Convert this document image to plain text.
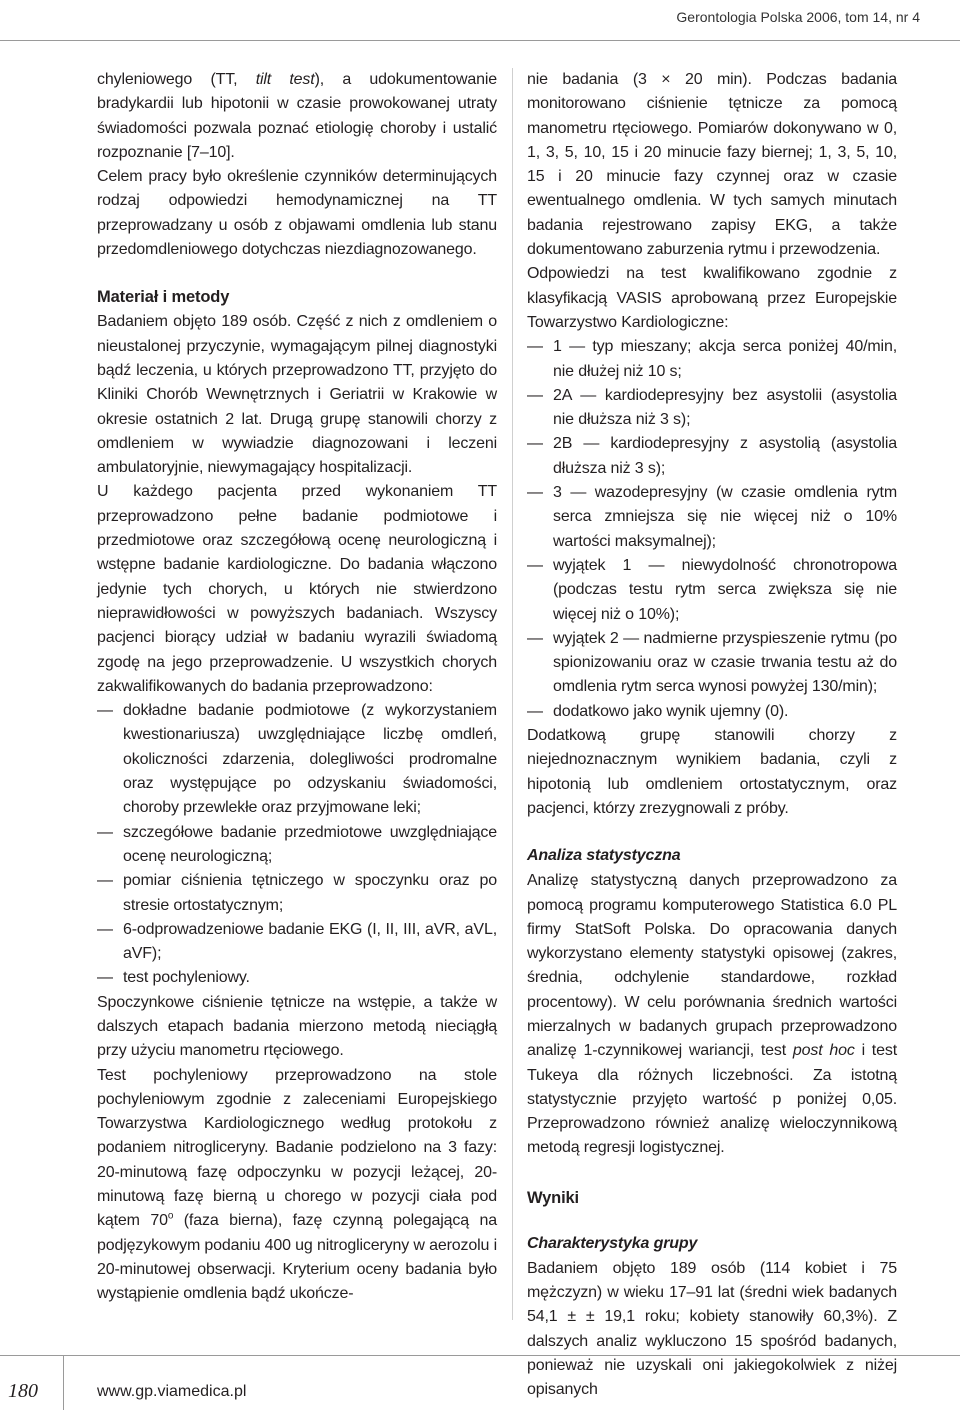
Gerontologia Polska 2006, tom 14, nr 4

chyleniowego (TT, tilt test), a udokumentowanie bradykardii lub hipotonii w czasie prowokowanej utraty świadomości pozwala poznać etiologię choroby i ustalić rozpoznanie [7–10].

Celem pracy było określenie czynników determinujących rodzaj odpowiedzi hemodynamicznej na TT przeprowadzany u osób z objawami omdlenia lub stanu przedomdleniowego dotychczas niezdiagnozowanego.

Materiał i metody

Badaniem objęto 189 osób. Część z nich z omdleniem o nieustalonej przyczynie, wymagającym pilnej diagnostyki bądź leczenia, u których przeprowadzono TT, przyjęto do Kliniki Chorób Wewnętrznych i Geriatrii w Krakowie w okresie ostatnich 2 lat. Drugą grupę stanowili chorzy z omdleniem w wywiadzie diagnozowani i leczeni ambulatoryjnie, niewymagający hospitalizacji.

U każdego pacjenta przed wykonaniem TT przeprowadzono pełne badanie podmiotowe i przedmiotowe oraz szczegółową ocenę neurologiczną i wstępne badanie kardiologiczne. Do badania włączono jedynie tych chorych, u których nie stwierdzono nieprawidłowości w powyższych badaniach. Wszyscy pacjenci biorący udział w badaniu wyrazili świadomą zgodę na jego przeprowadzenie. U wszystkich chorych zakwalifikowanych do badania przeprowadzono:

— dokładne badanie podmiotowe (z wykorzystaniem kwestionariusza) uwzględniające liczbę omdleń, okoliczności zdarzenia, dolegliwości prodromalne oraz występujące po odzyskaniu świadomości, choroby przewlekłe oraz przyjmowane leki;
— szczegółowe badanie przedmiotowe uwzględniające ocenę neurologiczną;
— pomiar ciśnienia tętniczego w spoczynku oraz po stresie ortostatycznym;
— 6-odprowadzeniowe badanie EKG (I, II, III, aVR, aVL, aVF);
— test pochyleniowy.

Spoczynkowe ciśnienie tętnicze na wstępie, a także w dalszych etapach badania mierzono metodą nieciągłą przy użyciu manometru rtęciowego.

Test pochyleniowy przeprowadzono na stole pochyleniowym zgodnie z zaleceniami Europejskiego Towarzystwa Kardiologicznego według protokołu z podaniem nitrogliceryny. Badanie podzielono na 3 fazy: 20-minutową fazę odpoczynku w pozycji leżącej, 20-minutową fazę bierną u chorego w pozycji ciała pod kątem 70$^o$ (faza bierna), fazę czynną polegającą na podjęzykowym podaniu 400 ug nitrogliceryny w aerozolu i 20-minutowej obserwacji. Kryterium oceny badania było wystąpienie omdlenia bądź ukończe-

nie badania (3 × 20 min). Podczas badania monitorowano ciśnienie tętnicze za pomocą manometru rtęciowego. Pomiarów dokonywano w 0, 1, 3, 5, 10, 15 i 20 minucie fazy biernej; 1, 3, 5, 10, 15 i 20 minucie fazy czynnej oraz w czasie ewentualnego omdlenia. W tych samych minutach badania rejestrowano zapisy EKG, a także dokumentowano zaburzenia rytmu i przewodzenia.

Odpowiedzi na test kwalifikowano zgodnie z klasyfikacją VASIS aprobowaną przez Europejskie Towarzystwo Kardiologiczne:

— 1 — typ mieszany; akcja serca poniżej 40/min, nie dłużej niż 10 s;
— 2A — kardiodepresyjny bez asystolii (asystolia nie dłuższa niż 3 s);
— 2B — kardiodepresyjny z asystolią (asystolia dłuższa niż 3 s);
— 3 — wazodepresyjny (w czasie omdlenia rytm serca zmniejsza się nie więcej niż o 10% wartości maksymalnej);
— wyjątek 1 — niewydolność chronotropowa (podczas testu rytm serca zwiększa się nie więcej niż o 10%);
— wyjątek 2 — nadmierne przyspieszenie rytmu (po spionizowaniu oraz w czasie trwania testu aż do omdlenia rytm serca wynosi powyżej 130/min);
— dodatkowo jako wynik ujemny (0).

Dodatkową grupę stanowili chorzy z niejednoznacznym wynikiem badania, czyli z hipotonią lub omdleniem ortostatycznym, oraz pacjenci, którzy zrezygnowali z próby.

Analiza statystyczna

Analizę statystyczną danych przeprowadzono za pomocą programu komputerowego Statistica 6.0 PL firmy StatSoft Polska. Do opracowania danych wykorzystano elementy statystyki opisowej (zakres, średnia, odchylenie standardowe, rozkład procentowy). W celu porównania średnich wartości mierzalnych w badanych grupach przeprowadzono analizę 1-czynnikowej wariancji, test post hoc i test Tukeya dla różnych liczebności. Za istotną statystycznie przyjęto wartość p poniżej 0,05. Przeprowadzono również analizę wieloczynnikową metodą regresji logistycznej.

Wyniki
Charakterystyka grupy

Badaniem objęto 189 osób (114 kobiet i 75 mężczyzn) w wieku 17–91 lat (średni wiek badanych 54,1 ± ± 19,1 roku; kobiety stanowiły 60,3%). Z dalszych analiz wykluczono 15 spośród badanych, ponieważ nie uzyskali oni jakiegokolwiek z niżej opisanych

180	www.gp.viamedica.pl
